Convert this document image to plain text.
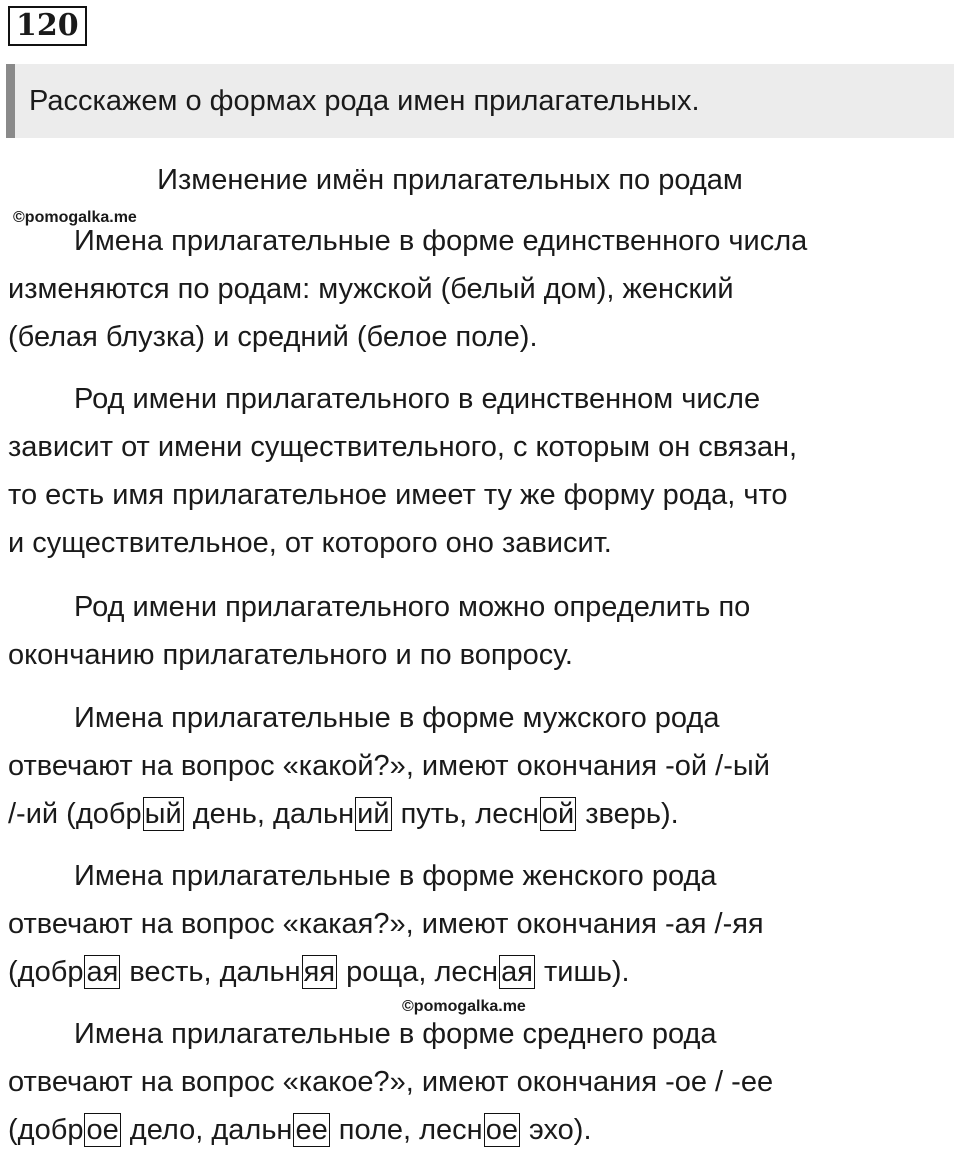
120
Расскажем о формах рода имен прилагательных.
Изменение имён прилагательных по родам
©pomogalka.me
Имена прилагательные в форме единственного числа
изменяются по родам: мужской (белый дом), женский
(белая блузка) и средний (белое поле).
Род имени прилагательного в единственном числе
зависит от имени существительного, с которым он связан,
то есть имя прилагательное имеет ту же форму рода, что
и существительное, от которого оно зависит.
Род имени прилагательного можно определить по
окончанию прилагательного и по вопросу.
Имена прилагательные в форме мужского рода
отвечают на вопрос «какой?», имеют окончания -ой /-ый
/-ий (добр ый день, дальн ий путь, лесн ой зверь).
Имена прилагательные в форме женского рода
отвечают на вопрос «какая?», имеют окончания -ая /-яя
(добр ая весть, дальн яя роща, лесн ая тишь).
©pomogalka.me
Имена прилагательные в форме среднего рода
отвечают на вопрос «какое?», имеют окончания -ое / -ее
(добр ое дело, дальн ее поле, лесн ое эхо).
